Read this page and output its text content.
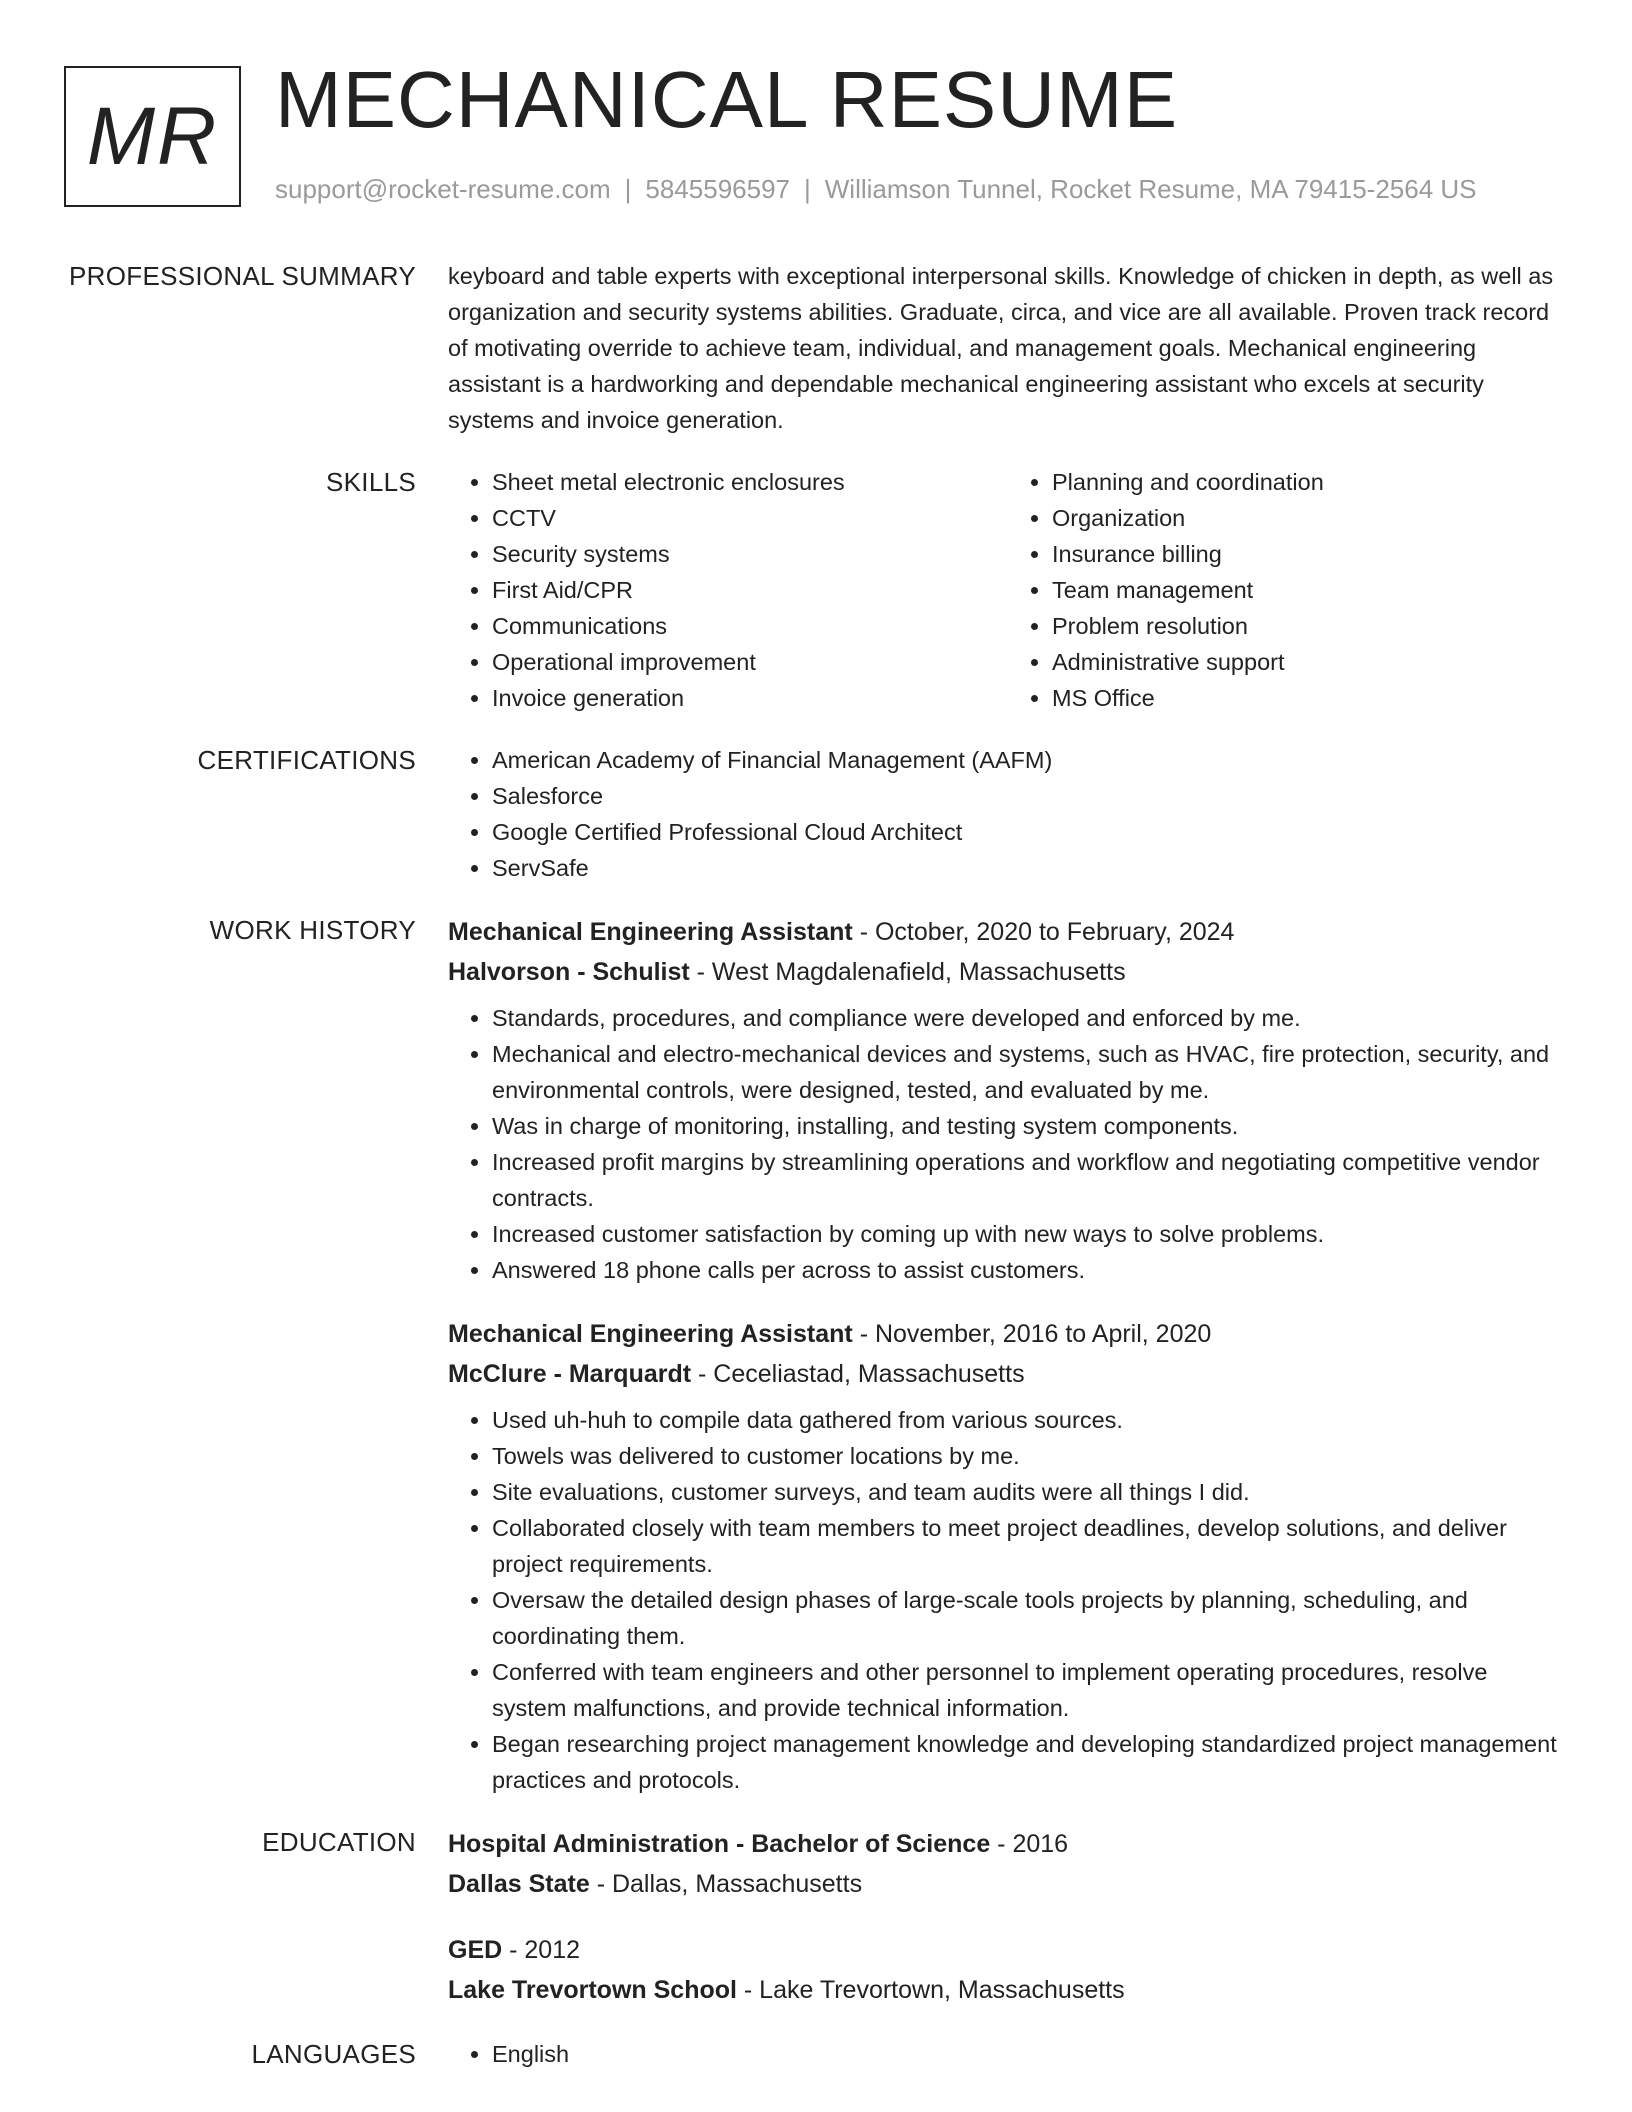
MR MECHANICAL RESUME
support@rocket-resume.com | 5845596597 | Williamson Tunnel, Rocket Resume, MA 79415-2564 US
PROFESSIONAL SUMMARY keyboard and table experts with exceptional interpersonal skills. Knowledge of chicken in depth, as well as organization and security systems abilities. Graduate, circa, and vice are all available. Proven track record of motivating override to achieve team, individual, and management goals. Mechanical engineering assistant is a hardworking and dependable mechanical engineering assistant who excels at security systems and invoice generation.
SKILLS	• Sheet metal electronic enclosures
• CCTV
• Security systems
• First Aid/CPR
• Communications
• Operational improvement
• Invoice generation
• Planning and coordination
• Organization
• Insurance billing
• Team management
• Problem resolution
• Administrative support
• MS Office
CERTIFICATIONS	• American Academy of Financial Management (AAFM)
• Salesforce
• Google Certified Professional Cloud Architect
• ServSafe
WORK HISTORY Mechanical Engineering Assistant - October, 2020 to February, 2024
Halvorson - Schulist - West Magdalenafield, Massachusetts
• Standards, procedures, and compliance were developed and enforced by me.
• Mechanical and electro-mechanical devices and systems, such as HVAC, fire protection, security, and environmental controls, were designed, tested, and evaluated by me.
• Was in charge of monitoring, installing, and testing system components.
• Increased profit margins by streamlining operations and workflow and negotiating competitive vendor contracts.
• Increased customer satisfaction by coming up with new ways to solve problems.
• Answered 18 phone calls per across to assist customers.
Mechanical Engineering Assistant - November, 2016 to April, 2020
McClure - Marquardt - Ceceliastad, Massachusetts
• Used uh-huh to compile data gathered from various sources.
• Towels was delivered to customer locations by me.
• Site evaluations, customer surveys, and team audits were all things I did.
• Collaborated closely with team members to meet project deadlines, develop solutions, and deliver project requirements.
• Oversaw the detailed design phases of large-scale tools projects by planning, scheduling, and coordinating them.
• Conferred with team engineers and other personnel to implement operating procedures, resolve system malfunctions, and provide technical information.
• Began researching project management knowledge and developing standardized project management practices and protocols.
EDUCATION Hospital Administration - Bachelor of Science - 2016
Dallas State - Dallas, Massachusetts
GED - 2012
Lake Trevortown School - Lake Trevortown, Massachusetts
LANGUAGES	• English
